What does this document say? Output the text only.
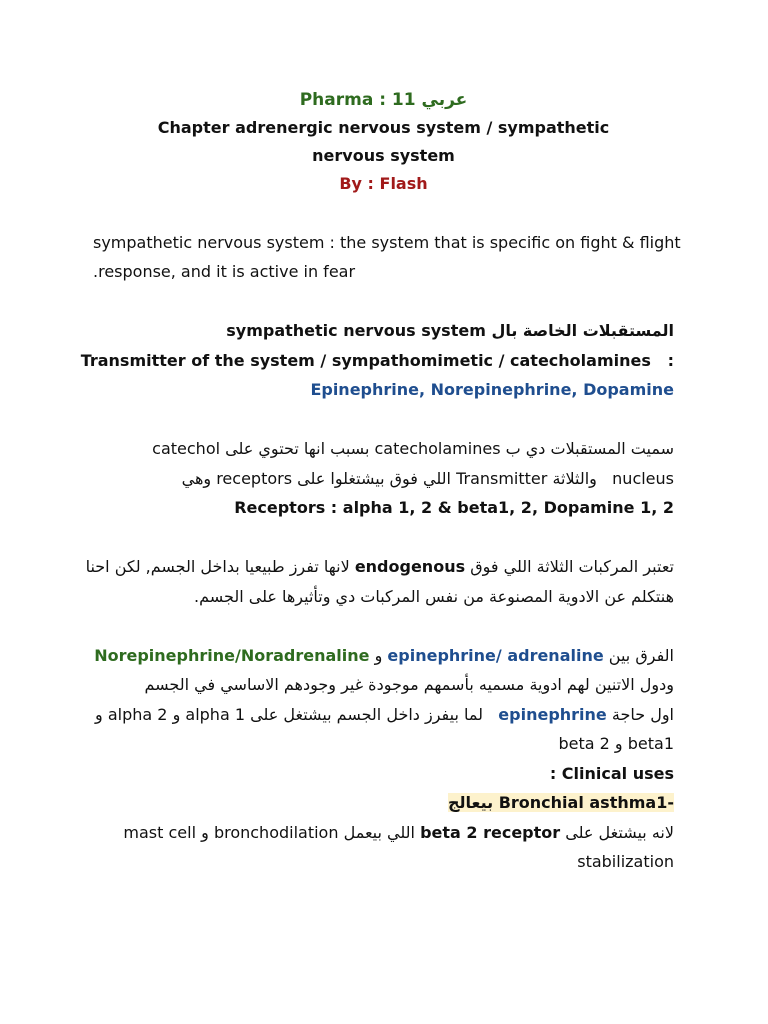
Pharma : 11 عربي
Chapter adrenergic nervous system / sympathetic
nervous system
By : Flash
sympathetic nervous system : the system that is specific on fight & flight
.response, and it is active in fear
المستقبلات الخاصة بال sympathetic nervous system
:   Transmitter of the system / sympathomimetic / catecholamines
Epinephrine, Norepinephrine, Dopamine
سميت المستقبلات دي ب catecholamines بسبب انها تحتوي على catechol
nucleus   والثلاثة Transmitter اللي فوق بيشتغلوا على receptors وهي
Receptors : alpha 1, 2 & beta1, 2, Dopamine 1, 2
تعتبر المركبات الثلاثة اللي فوق endogenous لانها تفرز طبيعيا بداخل الجسم, لكن احنا
هنتكلم عن الادوية المصنوعة من نفس المركبات دي وتأثيرها على الجسم.
الفرق بين epinephrine/ adrenaline و Norepinephrine/Noradrenaline
ودول الاتنين لهم ادوية مسميه بأسمهم موجودة غير وجودهم الاساسي في الجسم
اول حاجة epinephrine   لما بيفرز داخل الجسم بيشتغل على alpha 1 و alpha 2 و
beta1 و beta 2
: Clinical uses
1-Bronchial asthma بيعالج
لانه بيشتغل على beta 2 receptor اللي بيعمل bronchodilation و mast cell
stabilization
